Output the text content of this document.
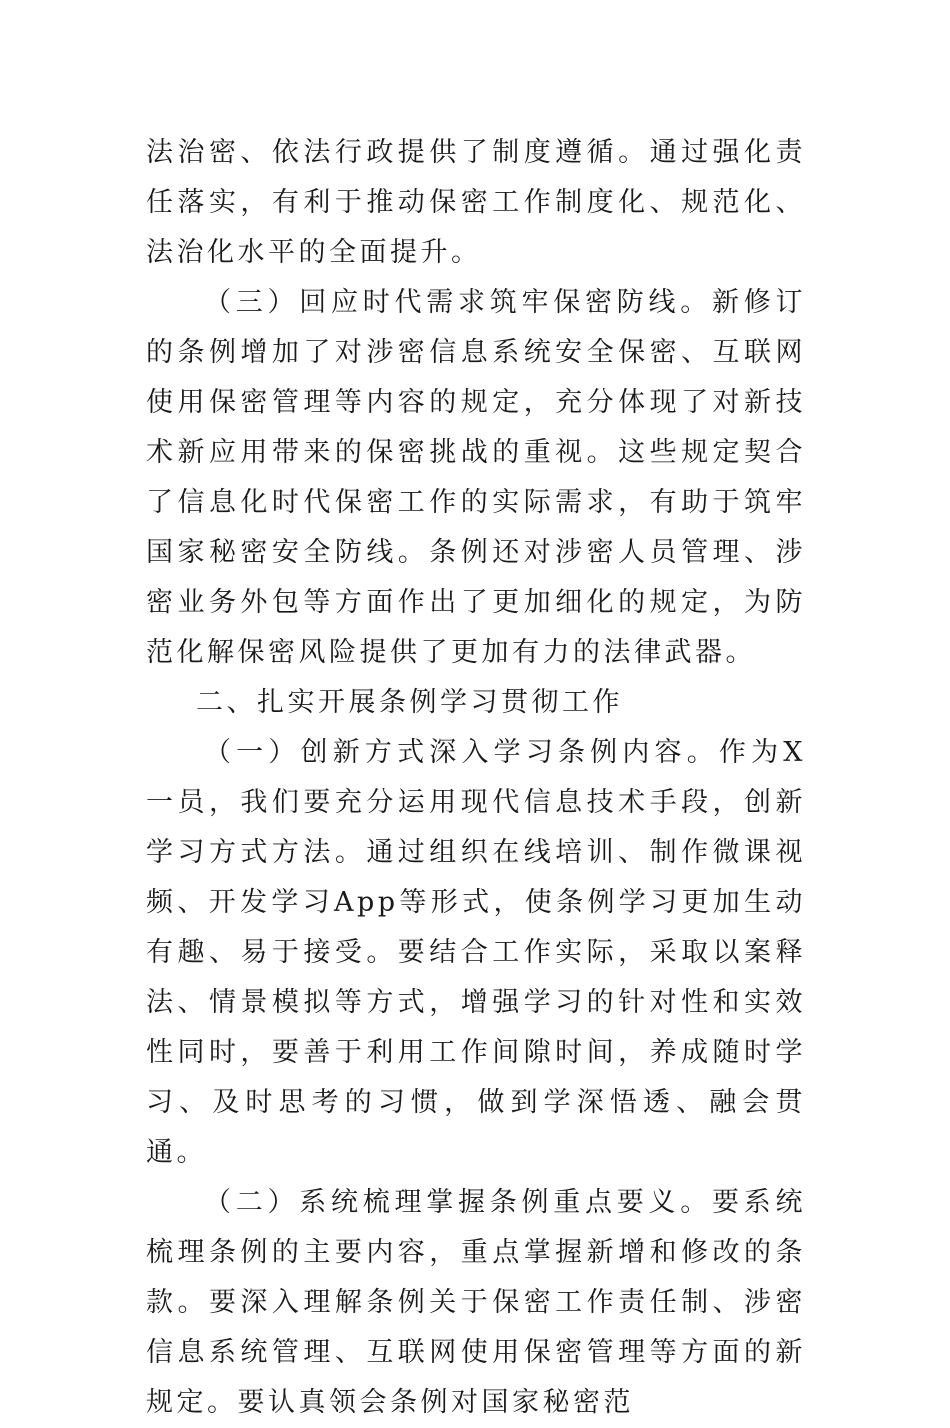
法治密、依法行政提供了制度遵循。通过强化责任落实，有利于推动保密工作制度化、规范化、法治化水平的全面提升。

（三）回应时代需求筑牢保密防线。新修订的条例增加了对涉密信息系统安全保密、互联网使用保密管理等内容的规定，充分体现了对新技术新应用带来的保密挑战的重视。这些规定契合了信息化时代保密工作的实际需求，有助于筑牢国家秘密安全防线。条例还对涉密人员管理、涉密业务外包等方面作出了更加细化的规定，为防范化解保密风险提供了更加有力的法律武器。

二、扎实开展条例学习贯彻工作

（一）创新方式深入学习条例内容。作为X一员，我们要充分运用现代信息技术手段，创新学习方式方法。通过组织在线培训、制作微课视频、开发学习App等形式，使条例学习更加生动有趣、易于接受。要结合工作实际，采取以案释法、情景模拟等方式，增强学习的针对性和实效性同时，要善于利用工作间隙时间，养成随时学习、及时思考的习惯，做到学深悟透、融会贯通。

（二）系统梳理掌握条例重点要义。要系统梳理条例的主要内容，重点掌握新增和修改的条款。要深入理解条例关于保密工作责任制、涉密信息系统管理、互联网使用保密管理等方面的新规定。要认真领会条例对国家秘密范
